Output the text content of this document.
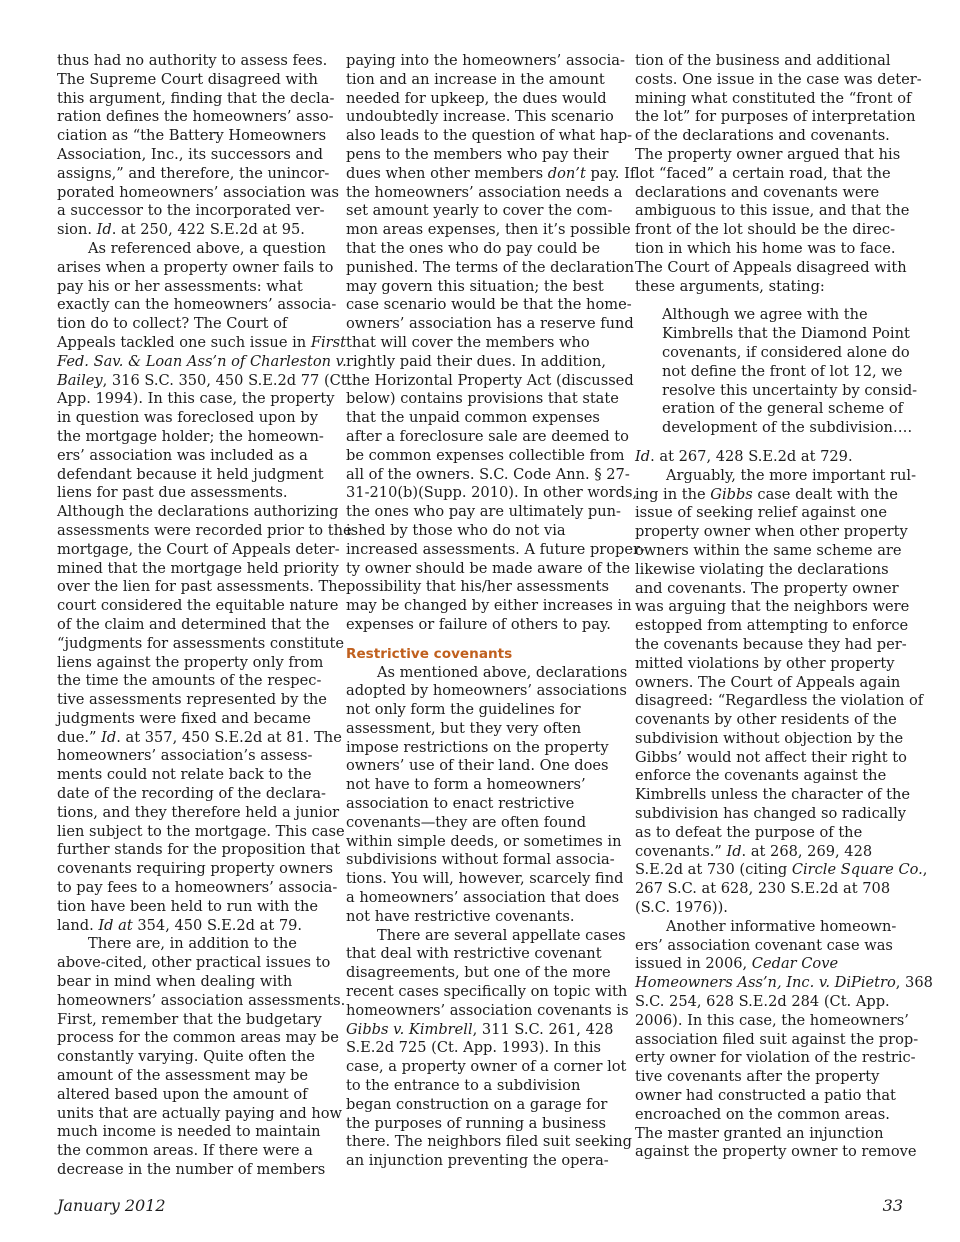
thus had no authority to assess fees.
The Supreme Court disagreed with
this argument, finding that the decla-
ration defines the homeowners’ asso-
ciation as “the Battery Homeowners
Association, Inc., its successors and
assigns,” and therefore, the unincor-
porated homeowners’ association was
a successor to the incorporated ver-
sion. Id. at 250, 422 S.E.2d at 95.
As referenced above, a question
arises when a property owner fails to
pay his or her assessments: what
exactly can the homeowners’ associa-
tion do to collect? The Court of
Appeals tackled one such issue in First
Fed. Sav. & Loan Ass’n of Charleston v.
Bailey, 316 S.C. 350, 450 S.E.2d 77 (Ct.
App. 1994). In this case, the property
in question was foreclosed upon by
the mortgage holder; the homeown-
ers’ association was included as a
defendant because it held judgment
liens for past due assessments.
Although the declarations authorizing
assessments were recorded prior to the
mortgage, the Court of Appeals deter-
mined that the mortgage held priority
over the lien for past assessments. The
court considered the equitable nature
of the claim and determined that the
“judgments for assessments constitute
liens against the property only from
the time the amounts of the respec-
tive assessments represented by the
judgments were fixed and became
due.” Id. at 357, 450 S.E.2d at 81. The
homeowners’ association’s assess-
ments could not relate back to the
date of the recording of the declara-
tions, and they therefore held a junior
lien subject to the mortgage. This case
further stands for the proposition that
covenants requiring property owners
to pay fees to a homeowners’ associa-
tion have been held to run with the
land. Id at 354, 450 S.E.2d at 79.
There are, in addition to the
above-cited, other practical issues to
bear in mind when dealing with
homeowners’ association assessments.
First, remember that the budgetary
process for the common areas may be
constantly varying. Quite often the
amount of the assessment may be
altered based upon the amount of
units that are actually paying and how
much income is needed to maintain
the common areas. If there were a
decrease in the number of members
paying into the homeowners’ associa-
tion and an increase in the amount
needed for upkeep, the dues would
undoubtedly increase. This scenario
also leads to the question of what hap-
pens to the members who pay their
dues when other members don’t pay. If
the homeowners’ association needs a
set amount yearly to cover the com-
mon areas expenses, then it’s possible
that the ones who do pay could be
punished. The terms of the declaration
may govern this situation; the best
case scenario would be that the home-
owners’ association has a reserve fund
that will cover the members who
rightly paid their dues. In addition,
the Horizontal Property Act (discussed
below) contains provisions that state
that the unpaid common expenses
after a foreclosure sale are deemed to
be common expenses collectible from
all of the owners. S.C. Code Ann. § 27-
31-210(b)(Supp. 2010). In other words,
the ones who pay are ultimately pun-
ished by those who do not via
increased assessments. A future proper-
ty owner should be made aware of the
possibility that his/her assessments
may be changed by either increases in
expenses or failure of others to pay.
Restrictive covenants
As mentioned above, declarations
adopted by homeowners’ associations
not only form the guidelines for
assessment, but they very often
impose restrictions on the property
owners’ use of their land. One does
not have to form a homeowners’
association to enact restrictive
covenants—they are often found
within simple deeds, or sometimes in
subdivisions without formal associa-
tions. You will, however, scarcely find
a homeowners’ association that does
not have restrictive covenants.
There are several appellate cases
that deal with restrictive covenant
disagreements, but one of the more
recent cases specifically on topic with
homeowners’ association covenants is
Gibbs v. Kimbrell, 311 S.C. 261, 428
S.E.2d 725 (Ct. App. 1993). In this
case, a property owner of a corner lot
to the entrance to a subdivision
began construction on a garage for
the purposes of running a business
there. The neighbors filed suit seeking
an injunction preventing the opera-
tion of the business and additional
costs. One issue in the case was deter-
mining what constituted the “front of
the lot” for purposes of interpretation
of the declarations and covenants.
The property owner argued that his
lot “faced” a certain road, that the
declarations and covenants were
ambiguous to this issue, and that the
front of the lot should be the direc-
tion in which his home was to face.
The Court of Appeals disagreed with
these arguments, stating:
Although we agree with the
Kimbrells that the Diamond Point
covenants, if considered alone do
not define the front of lot 12, we
resolve this uncertainty by consid-
eration of the general scheme of
development of the subdivision….
Id. at 267, 428 S.E.2d at 729.
Arguably, the more important rul-
ing in the Gibbs case dealt with the
issue of seeking relief against one
property owner when other property
owners within the same scheme are
likewise violating the declarations
and covenants. The property owner
was arguing that the neighbors were
estopped from attempting to enforce
the covenants because they had per-
mitted violations by other property
owners. The Court of Appeals again
disagreed: “Regardless the violation of
covenants by other residents of the
subdivision without objection by the
Gibbs’ would not affect their right to
enforce the covenants against the
Kimbrells unless the character of the
subdivision has changed so radically
as to defeat the purpose of the
covenants.” Id. at 268, 269, 428
S.E.2d at 730 (citing Circle Square Co.,
267 S.C. at 628, 230 S.E.2d at 708
(S.C. 1976)).
Another informative homeown-
ers’ association covenant case was
issued in 2006, Cedar Cove
Homeowners Ass’n, Inc. v. DiPietro, 368
S.C. 254, 628 S.E.2d 284 (Ct. App.
2006). In this case, the homeowners’
association filed suit against the prop-
erty owner for violation of the restric-
tive covenants after the property
owner had constructed a patio that
encroached on the common areas.
The master granted an injunction
against the property owner to remove
January 2012	33
